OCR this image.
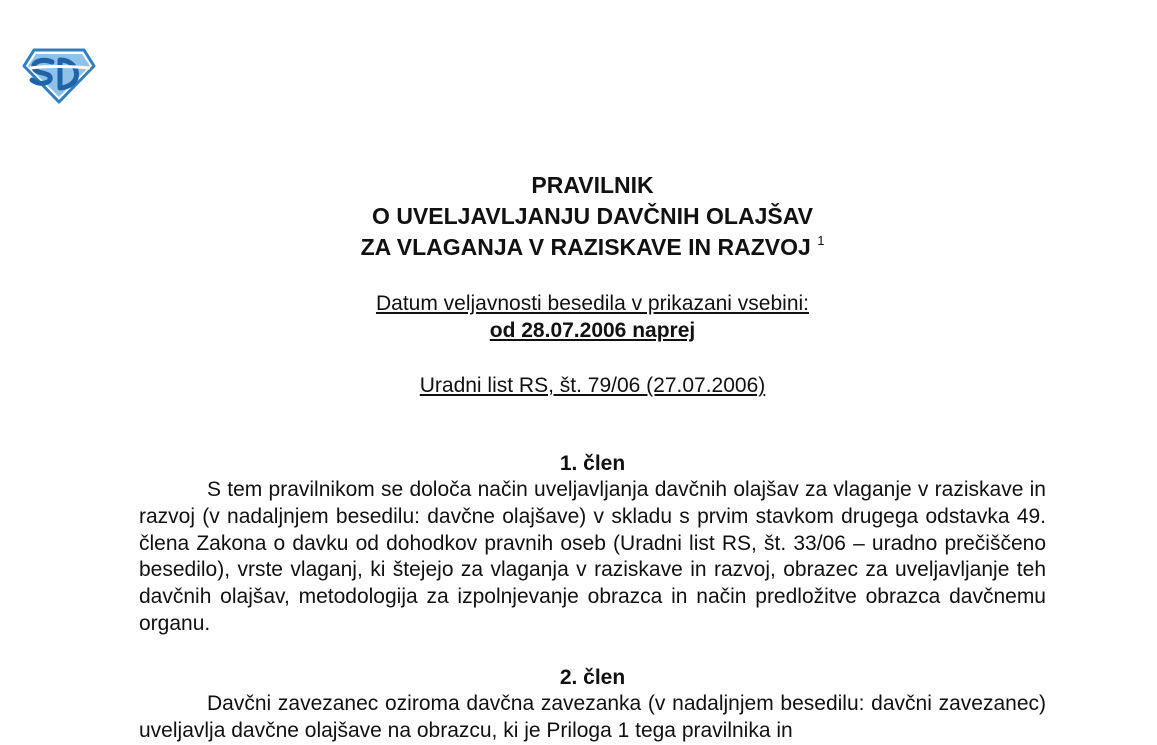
PRAVILNIK
O UVELJAVLJANJU DAVČNIH OLAJŠAV
ZA VLAGANJA V RAZISKAVE IN RAZVOJ $^1$
Datum veljavnosti besedila v prikazani vsebini:
od 28.07.2006 naprej
Uradni list RS, št. 79/06 (27.07.2006)
1. člen
S tem pravilnikom se določa način uveljavljanja davčnih olajšav za vlaganje v raziskave in razvoj (v nadaljnjem besedilu: davčne olajšave) v skladu s prvim stavkom drugega odstavka 49. člena Zakona o davku od dohodkov pravnih oseb (Uradni list RS, št. 33/06 – uradno prečiščeno besedilo), vrste vlaganj, ki štejejo za vlaganja v raziskave in razvoj, obrazec za uveljavljanje teh davčnih olajšav, metodologija za izpolnjevanje obrazca in način predložitve obrazca davčnemu organu.
2. člen
Davčni zavezanec oziroma davčna zavezanka (v nadaljnjem besedilu: davčni zavezanec) uveljavlja davčne olajšave na obrazcu, ki je Priloga 1 tega pravilnika in
